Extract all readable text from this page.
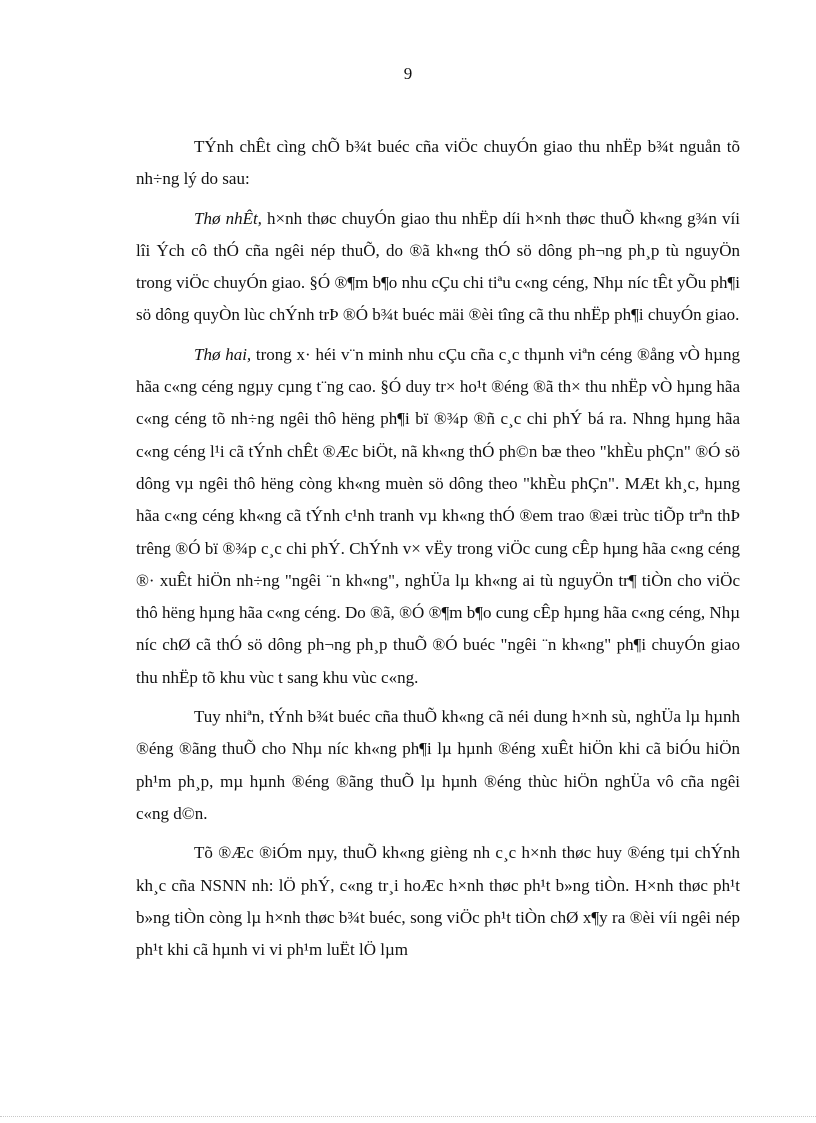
9

TÝnh chÊt cìng chÕ b¾t buéc cña viÖc chuyÓn giao thu nhËp b¾t nguån tõ nh÷ng lý do sau:

Thø nhÊt, h×nh thøc chuyÓn giao thu nhËp díi h×nh thøc thuÕ kh«ng g¾n víi lîi Ých cô thÓ cña ngêi nép thuÕ, do ®ã kh«ng thÓ sö dông ph¬ng ph¸p tù nguyÖn trong viÖc chuyÓn giao. §Ó ®¶m b¶o nhu cÇu chi tiªu c«ng céng, Nhµ níc tÊt yÕu ph¶i sö dông quyÒn lùc chÝnh trÞ ®Ó b¾t buéc mäi ®èi tîng cã thu nhËp ph¶i chuyÓn giao.

Thø hai, trong x· héi v¨n minh nhu cÇu cña c¸c thµnh viªn céng ®ång vÒ hµng hãa c«ng céng ngµy cµng t¨ng cao. §Ó duy tr× ho¹t ®éng ®ã th× thu nhËp vÒ hµng hãa c«ng céng tõ nh÷ng ngêi thô hëng ph¶i bï ®¾p ®ñ c¸c chi phÝ bá ra. Nhng hµng hãa c«ng céng l¹i cã tÝnh chÊt ®Æc biÖt, nã kh«ng thÓ ph©n bæ theo "khÈu phÇn" ®Ó sö dông vµ ngêi thô hëng còng kh«ng muèn sö dông theo "khÈu phÇn". MÆt kh¸c, hµng hãa c«ng céng kh«ng cã tÝnh c¹nh tranh vµ kh«ng thÓ ®em trao ®æi trùc tiÕp trªn thÞ trêng ®Ó bï ®¾p c¸c chi phÝ. ChÝnh v× vËy trong viÖc cung cÊp hµng hãa c«ng céng ®· xuÊt hiÖn nh÷ng "ngêi ¨n kh«ng", nghÜa lµ kh«ng ai tù nguyÖn tr¶ tiÒn cho viÖc thô hëng hµng hãa c«ng céng. Do ®ã, ®Ó ®¶m b¶o cung cÊp hµng hãa c«ng céng, Nhµ níc chØ cã thÓ sö dông ph¬ng ph¸p thuÕ ®Ó buéc "ngêi ¨n kh«ng" ph¶i chuyÓn giao thu nhËp tõ khu vùc t sang khu vùc c«ng.

Tuy nhiªn, tÝnh b¾t buéc cña thuÕ kh«ng cã néi dung h×nh sù, nghÜa lµ hµnh ®éng ®ãng thuÕ cho Nhµ níc kh«ng ph¶i lµ hµnh ®éng xuÊt hiÖn khi cã biÓu hiÖn ph¹m ph¸p, mµ hµnh ®éng ®ãng thuÕ lµ hµnh ®éng thùc hiÖn nghÜa vô cña ngêi c«ng d©n.

Tõ ®Æc ®iÓm nµy, thuÕ kh«ng gièng nh c¸c h×nh thøc huy ®éng tµi chÝnh kh¸c cña NSNN nh: lÖ phÝ, c«ng tr¸i hoÆc h×nh thøc ph¹t b»ng tiÒn. H×nh thøc ph¹t b»ng tiÒn còng lµ h×nh thøc b¾t buéc, song viÖc ph¹t tiÒn chØ x¶y ra ®èi víi ngêi nép ph¹t khi cã hµnh vi vi ph¹m luËt lÖ lµm
